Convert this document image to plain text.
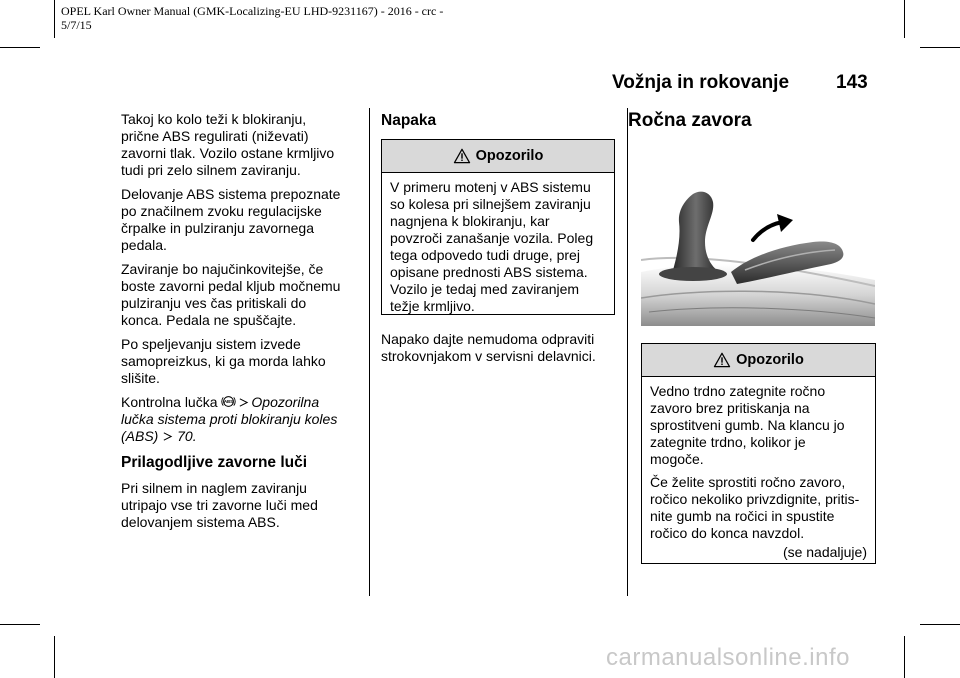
OPEL Karl Owner Manual (GMK-Localizing-EU LHD-9231167) - 2016 - crc -
5/7/15
Vožnja in rokovanje 143

Takoj ko kolo teži k blokiranju,
prične ABS regulirati (niževati)
zavorni tlak. Vozilo ostane krmljivo
tudi pri zelo silnem zaviranju.

Delovanje ABS sistema prepoznate
po značilnem zvoku regulacijske
črpalke in pulziranju zavornega
pedala.

Zaviranje bo najučinkovitejše, če
boste zavorni pedal kljub močnemu
pulziranju ves čas pritiskali do
konca. Pedala ne spuščajte.

Po speljevanju sistem izvede
samopreizkus, ki ga morda lahko
slišite.

Kontrolna lučka ABS Opozorilna
lučka sistema proti blokiranju koles
(ABS) 70.

Prilagodljive zavorne luči

Pri silnem in naglem zaviranju
utripajo vse tri zavorne luči med
delovanjem sistema ABS.

Napaka
Opozorilo
V primeru motenj v ABS sistemu
so kolesa pri silnejšem zaviranju
nagnjena k blokiranju, kar
povzroči zanašanje vozila. Poleg
tega odpovedo tudi druge, prej
opisane prednosti ABS sistema.
Vozilo je tedaj med zaviranjem
težje krmljivo.

Napako dajte nemudoma odpraviti
strokovnjakom v servisni delavnici.

Ročna zavora
Opozorilo

Vedno trdno zategnite ročno
zavoro brez pritiskanja na
sprostitveni gumb. Na klancu jo
zategnite trdno, kolikor je
mogoče.

Če želite sprostiti ročno zavoro,
ročico nekoliko privzdignite, pritis-
nite gumb na ročici in spustite
ročico do konca navzdol.

(se nadaljuje)
carmanualsonline.info
